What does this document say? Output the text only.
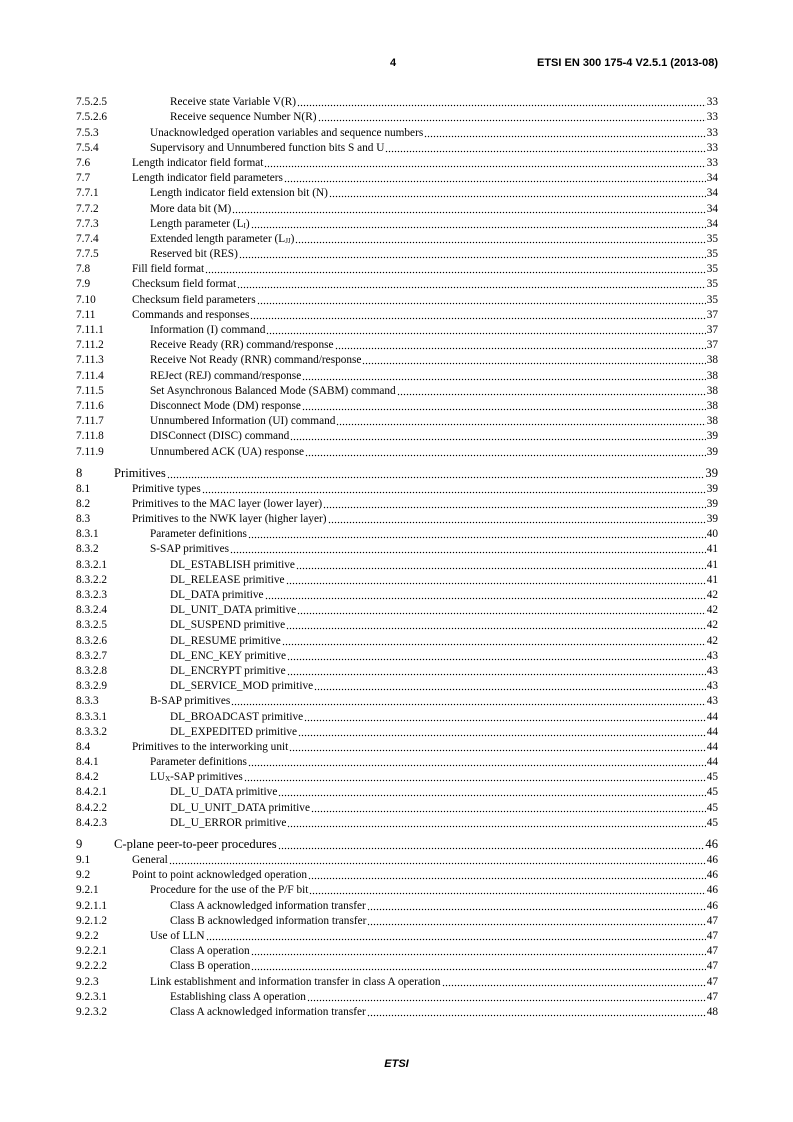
4	ETSI EN 300 175-4 V2.5.1 (2013-08)
7.5.2.5	Receive state Variable V(R)	33
7.5.2.6	Receive sequence Number N(R)	33
7.5.3	Unacknowledged operation variables and sequence numbers	33
7.5.4	Supervisory and Unnumbered function bits S and U	33
7.6	Length indicator field format	33
7.7	Length indicator field parameters	34
7.7.1	Length indicator field extension bit (N)	34
7.7.2	More data bit (M)	34
7.7.3	Length parameter $(L_I)$	34
7.7.4	Extended length parameter $(L_{JJ})$	35
7.7.5	Reserved bit (RES)	35
7.8	Fill field format	35
7.9	Checksum field format	35
7.10	Checksum field parameters	35
7.11	Commands and responses	37
7.11.1	Information (I) command	37
7.11.2	Receive Ready (RR) command/response	37
7.11.3	Receive Not Ready (RNR) command/response	38
7.11.4	REJect (REJ) command/response	38
7.11.5	Set Asynchronous Balanced Mode (SABM) command	38
7.11.6	Disconnect Mode (DM) response	38
7.11.7	Unnumbered Information (UI) command	38
7.11.8	DISConnect (DISC) command	39
7.11.9	Unnumbered ACK (UA) response	39
8	Primitives	39
8.1	Primitive types	39
8.2	Primitives to the MAC layer (lower layer)	39
8.3	Primitives to the NWK layer (higher layer)	39
8.3.1	Parameter definitions	40
8.3.2	S-SAP primitives	41
8.3.2.1	DL_ESTABLISH primitive	41
8.3.2.2	DL_RELEASE primitive	41
8.3.2.3	DL_DATA primitive	42
8.3.2.4	DL_UNIT_DATA primitive	42
8.3.2.5	DL_SUSPEND primitive	42
8.3.2.6	DL_RESUME primitive	42
8.3.2.7	DL_ENC_KEY primitive	43
8.3.2.8	DL_ENCRYPT primitive	43
8.3.2.9	DL_SERVICE_MOD primitive	43
8.3.3	B-SAP primitives	43
8.3.3.1	DL_BROADCAST primitive	44
8.3.3.2	DL_EXPEDITED primitive	44
8.4	Primitives to the interworking unit	44
8.4.1	Parameter definitions	44
8.4.2	$LU_X$-SAP primitives	45
8.4.2.1	DL_U_DATA primitive	45
8.4.2.2	DL_U_UNIT_DATA primitive	45
8.4.2.3	DL_U_ERROR primitive	45
9	C-plane peer-to-peer procedures	46
9.1	General	46
9.2	Point to point acknowledged operation	46
9.2.1	Procedure for the use of the P/F bit	46
9.2.1.1	Class A acknowledged information transfer	46
9.2.1.2	Class B acknowledged information transfer	47
9.2.2	Use of LLN	47
9.2.2.1	Class A operation	47
9.2.2.2	Class B operation	47
9.2.3	Link establishment and information transfer in class A operation	47
9.2.3.1	Establishing class A operation	47
9.2.3.2	Class A acknowledged information transfer	48
ETSI
